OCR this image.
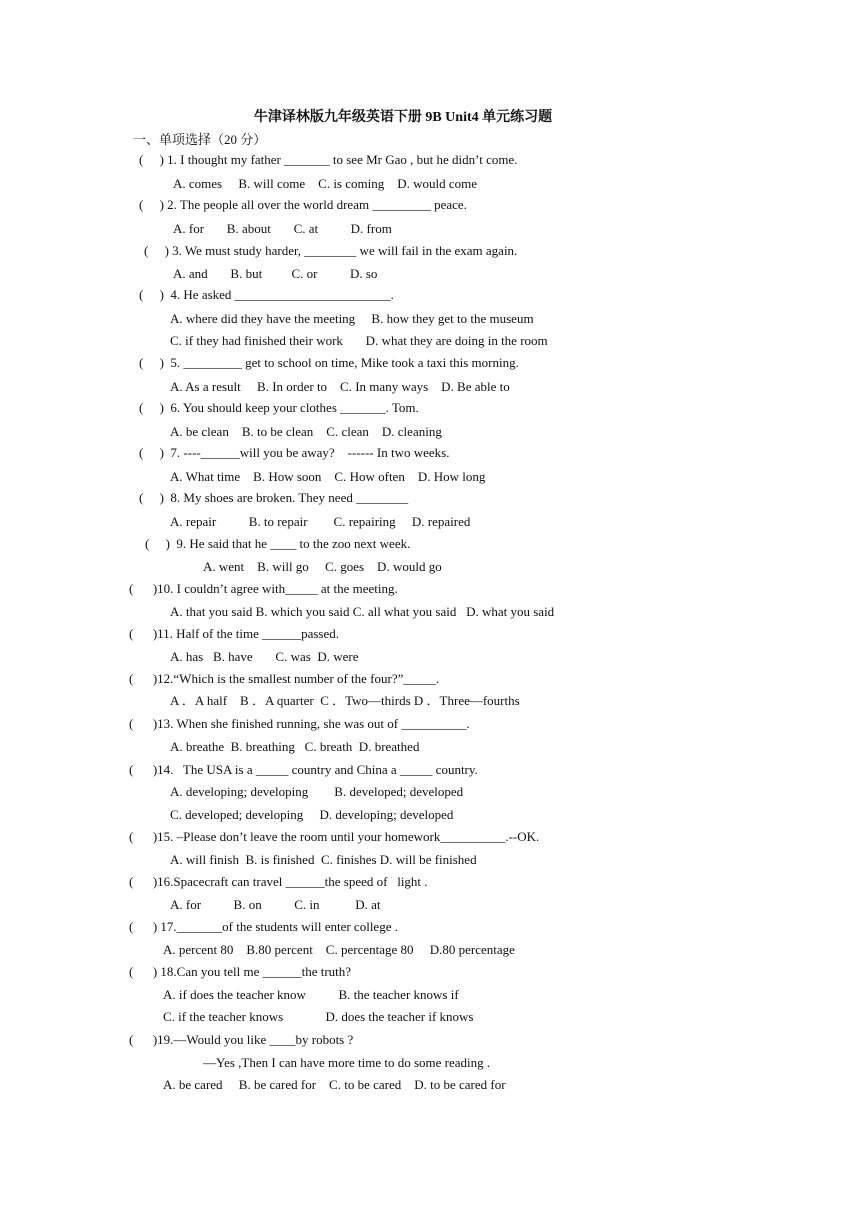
牛津译林版九年级英语下册 9B Unit4 单元练习题
一、单项选择（20 分）
(     ) 1. I thought my father _______ to see Mr Gao , but he didn’t come.
A. comes     B. will come    C. is coming    D. would come
(     ) 2. The people all over the world dream _________ peace.
A. for       B. about       C. at          D. from
(     ) 3. We must study harder, ________ we will fail in the exam again.
A. and       B. but         C. or          D. so
(     )  4. He asked ________________________.
A. where did they have the meeting     B. how they get to the museum
C. if they had finished their work       D. what they are doing in the room
(     )  5. _________ get to school on time, Mike took a taxi this morning.
A. As a result     B. In order to    C. In many ways    D. Be able to
(     )  6. You should keep your clothes _______. Tom.
A. be clean    B. to be clean    C. clean    D. cleaning
(     )  7. ----______will you be away?    ------ In two weeks.
A. What time    B. How soon    C. How often    D. How long
(     )  8. My shoes are broken. They need ________
A. repair          B. to repair        C. repairing     D. repaired
(     )  9. He said that he ____ to the zoo next week.
A. went    B. will go     C. goes    D. would go
(      )10. I couldn’t agree with_____ at the meeting.
A. that you said B. which you said C. all what you said   D. what you said
(      )11. Half of the time ______passed.
A. has   B. have       C. was  D. were
(      )12.“Which is the smallest number of the four?”_____.
A ．A half    B ．A quarter  C ．Two—thirds D ．Three—fourths
(      )13. When she finished running, she was out of __________.
A. breathe  B. breathing   C. breath  D. breathed
(      )14.   The USA is a _____ country and China a _____ country.
A. developing; developing        B. developed; developed
C. developed; developing     D. developing; developed
(      )15. –Please don’t leave the room until your homework__________.--OK.
A. will finish  B. is finished  C. finishes D. will be finished
(      )16.Spacecraft can travel ______the speed of   light .
A. for          B. on          C. in           D. at
(      ) 17._______of the students will enter college .
A. percent 80    B.80 percent    C. percentage 80     D.80 percentage
(      ) 18.Can you tell me ______the truth?
A. if does the teacher know          B. the teacher knows if
C. if the teacher knows             D. does the teacher if knows
(      )19.—Would you like ____by robots ?
—Yes ,Then I can have more time to do some reading .
A. be cared     B. be cared for    C. to be cared    D. to be cared for
